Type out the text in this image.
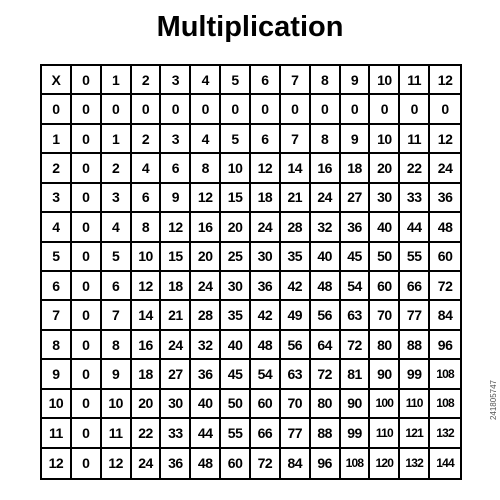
Multiplication
X	0	1	2	3	4	5	6	7	8	9	10	11	12
0	0	0	0	0	0	0	0	0	0	0	0	0	0
1	0	1	2	3	4	5	6	7	8	9	10	11	12
2	0	2	4	6	8	10	12	14	16	18	20	22	24
3	0	3	6	9	12	15	18	21	24	27	30	33	36
4	0	4	8	12	16	20	24	28	32	36	40	44	48
5	0	5	10	15	20	25	30	35	40	45	50	55	60
6	0	6	12	18	24	30	36	42	48	54	60	66	72
7	0	7	14	21	28	35	42	49	56	63	70	77	84
8	0	8	16	24	32	40	48	56	64	72	80	88	96
9	0	9	18	27	36	45	54	63	72	81	90	99	108
10	0	10	20	30	40	50	60	70	80	90	100	110	108
11	0	11	22	33	44	55	66	77	88	99	110	121	132
12	0	12	24	36	48	60	72	84	96	108	120	132	144
241805747
